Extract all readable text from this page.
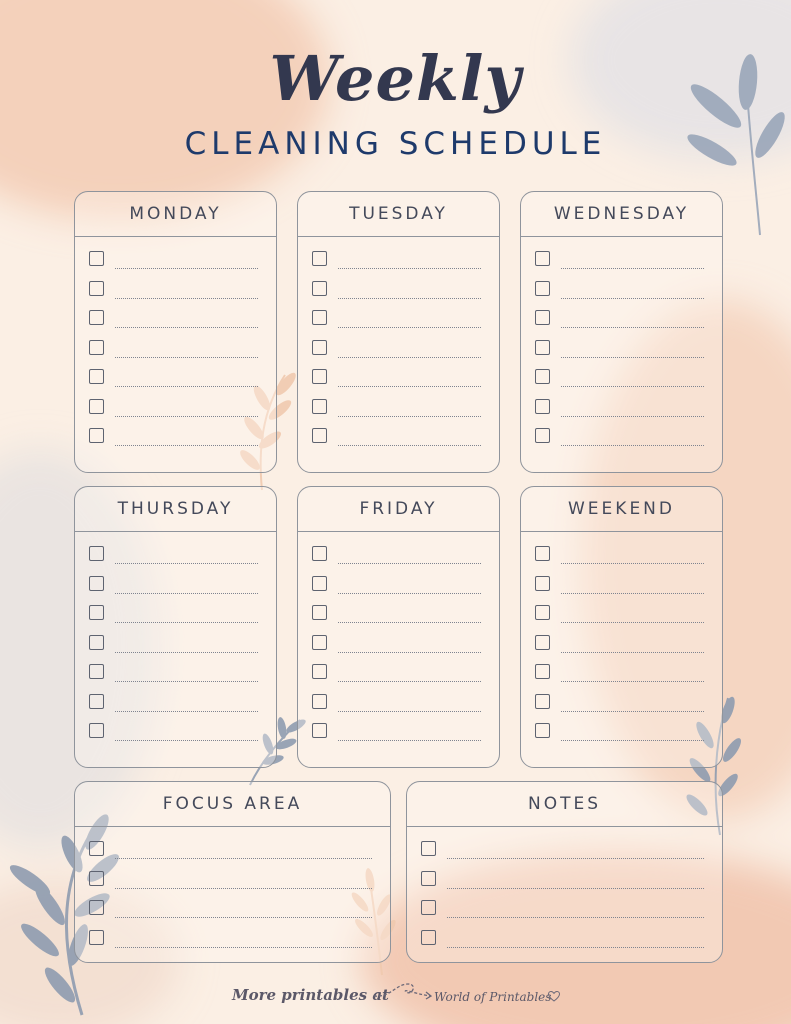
Weekly
CLEANING SCHEDULE
MONDAY	TUESDAY	WEDNESDAY
THURSDAY	FRIDAY	WEEKEND
FOCUS AREA	NOTES
More printables at	World of Printables
